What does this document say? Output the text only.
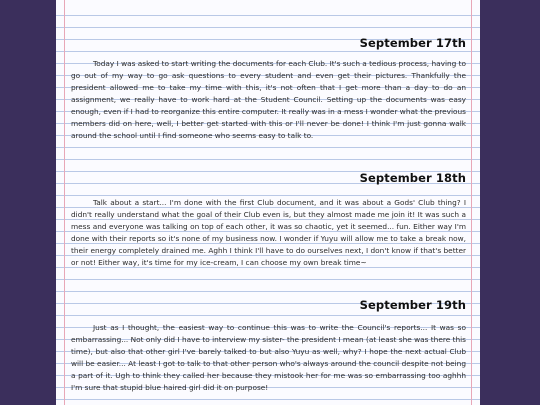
September 17th
Today I was asked to start writing the documents for each Club. It's such a tedious process, having to go out of my way to go ask questions to every student and even get their pictures. Thankfully the president allowed me to take my time with this, it's not often that I get more than a day to do an assignment, we really have to work hard at the Student Council. Setting up the documents was easy enough, even if I had to reorganize this entire computer. It really was in a mess I wonder what the previous members did on here, well, I better get started with this or I'll never be done! I think I'm just gonna walk around the school until I find someone who seems easy to talk to.
September 18th
Talk about a start... I'm done with the first Club document, and it was about a Gods' Club thing? I didn't really understand what the goal of their Club even is, but they almost made me join it! It was such a mess and everyone was talking on top of each other, it was so chaotic, yet it seemed... fun. Either way I'm done with their reports so it's none of my business now. I wonder if Yuyu will allow me to take a break now, their energy completely drained me. Aghh I think I'll have to do ourselves next, I don't know if that's better or not! Either way, it's time for my ice-cream, I can choose my own break time~
September 19th
Just as I thought, the easiest way to continue this was to write the Council's reports... It was so embarrassing... Not only did I have to interview my sister- the president I mean (at least she was there this time), but also that other girl I've barely talked to but also Yuyu as well, why? I hope the next actual Club will be easier... At least I got to talk to that other person who's always around the council despite not being a part of it. Ugh to think they called her because they mistook her for me was so embarrassing too aghhh I'm sure that stupid blue haired girl did it on purpose!
